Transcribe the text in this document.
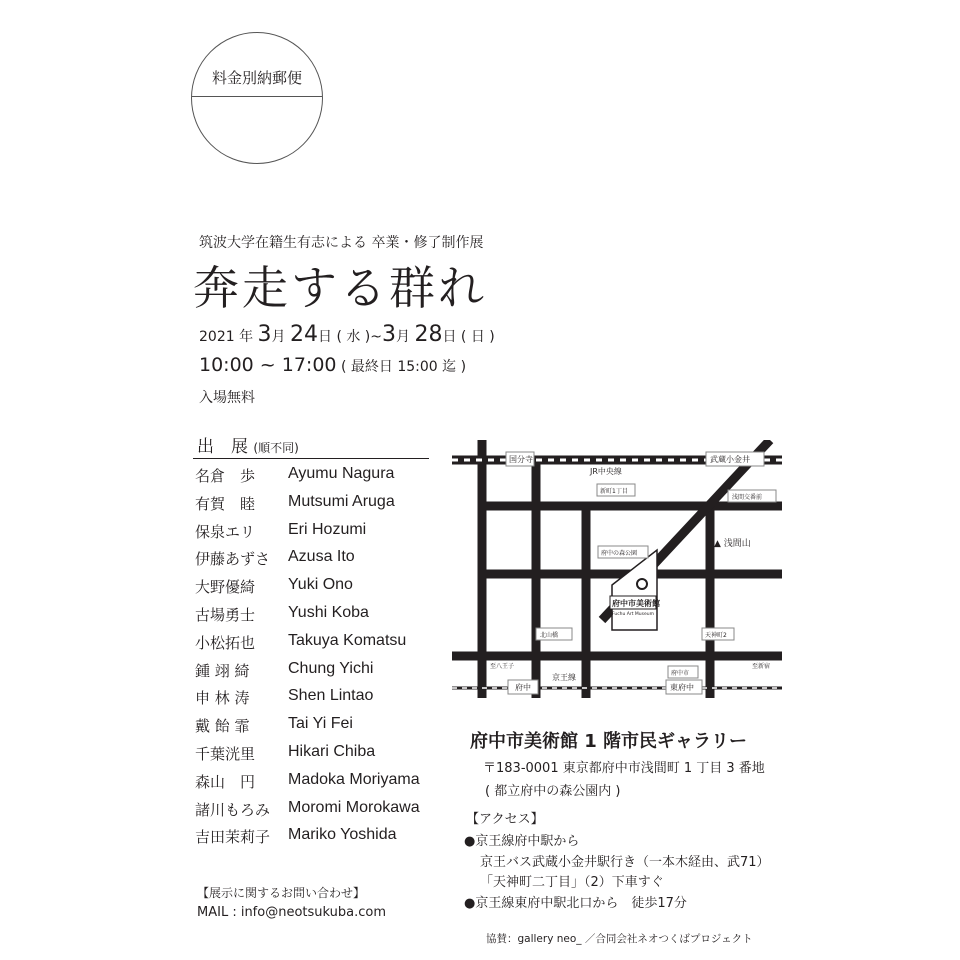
料金別納郵便
筑波大学在籍生有志による 卒業・修了制作展
奔走する群れ
2021 年 3月 24日 ( 水 )~3月 28日 ( 日 )
10:00 ~ 17:00 ( 最終日 15:00 迄 )
入場無料
出　展 (順不同)
名倉　歩	Ayumu Nagura
有賀　睦	Mutsumi Aruga
保泉エリ	Eri Hozumi
伊藤あずさ	Azusa Ito
大野優綺	Yuki Ono
古場勇士	Yushi Koba
小松拓也	Takuya Komatsu
鍾 翊 綺	Chung Yichi
申 林 涛	Shen Lintao
戴 飴 霏	Tai Yi Fei
千葉洸里	Hikari Chiba
森山　円	Madoka Moriyama
諸川もろみ	Moromi Morokawa
吉田茉莉子	Mariko Yoshida
【展示に関するお問い合わせ】
MAIL : info@neotsukuba.com
国分寺
JR中央線
武蔵小金井
新町1丁目
浅間交番前
▲ 浅間山
府中の森公園
府中市美術館
Fuchu Art Museum
北山橋	天神町2
至八王子
京王線
府中	東府中
府中市
至新宿
府中市美術館 1 階市民ギャラリー
〒183-0001 東京都府中市浅間町 1 丁目 3 番地
( 都立府中の森公園内 )
【アクセス】
●京王線府中駅から
京王バス武蔵小金井駅行き（一本木経由、武71）
「天神町二丁目」（2）下車すぐ
●京王線東府中駅北口から　徒歩17分
協賛：gallery neo_ ／合同会社ネオつくばプロジェクト
